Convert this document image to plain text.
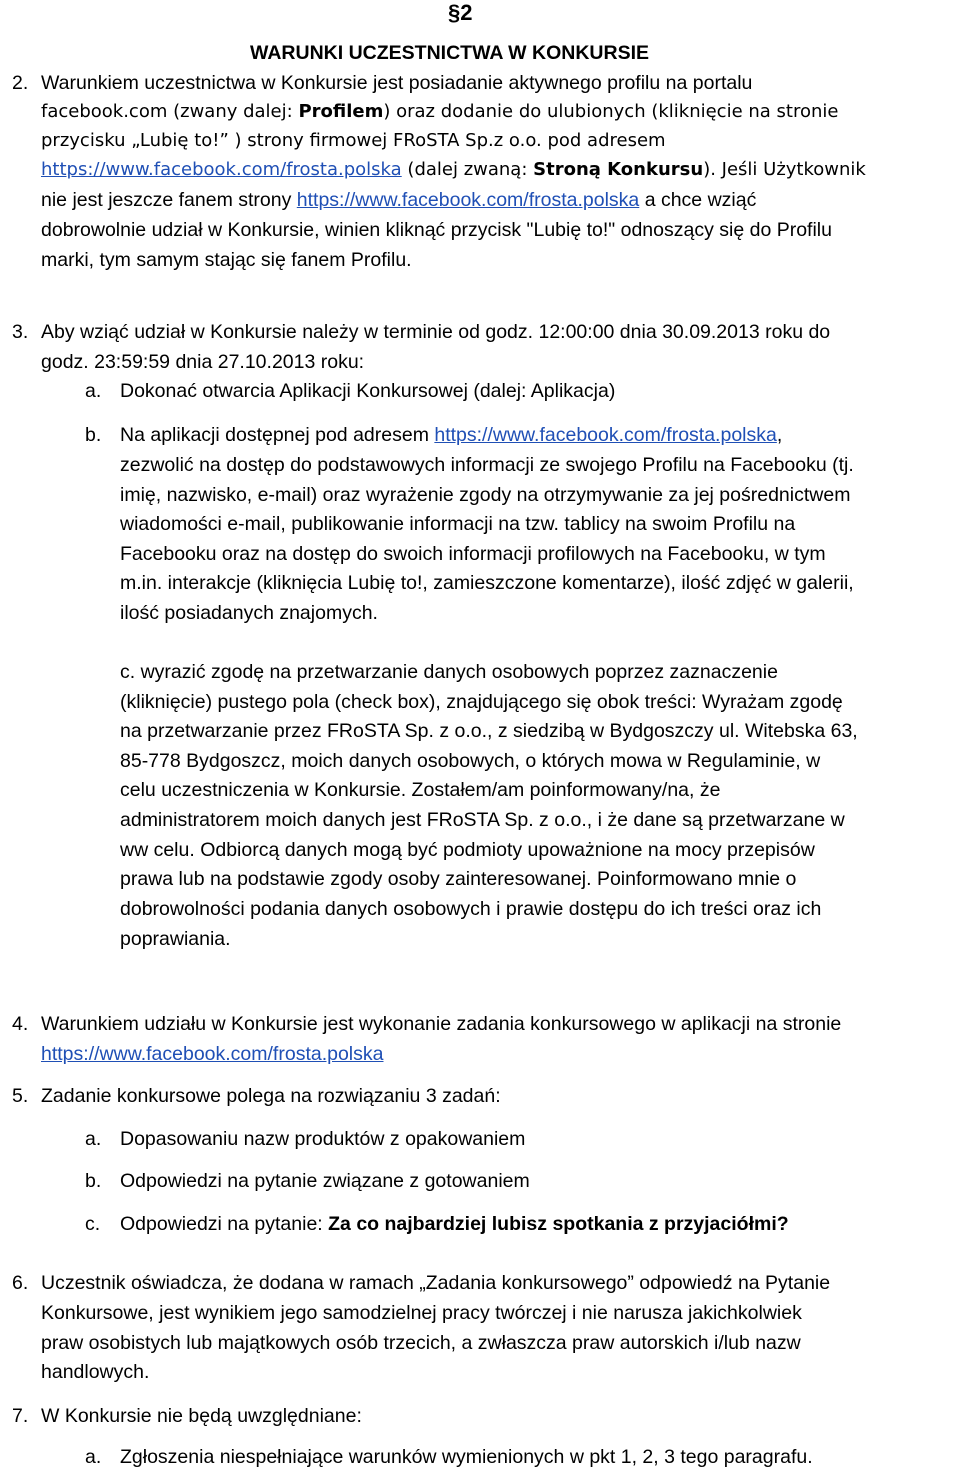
§2
WARUNKI UCZESTNICTWA W KONKURSIE
2. Warunkiem uczestnictwa w Konkursie jest posiadanie aktywnego profilu na portalu
facebook.com (zwany dalej: Profilem) oraz dodanie do ulubionych (kliknięcie na stronie
przycisku „Lubię to!” ) strony firmowej FRoSTA Sp.z o.o. pod adresem
https://www.facebook.com/frosta.polska (dalej zwaną: Stroną Konkursu). Jeśli Użytkownik
nie jest jeszcze fanem strony https://www.facebook.com/frosta.polska a chce wziąć
dobrowolnie udział w Konkursie, winien kliknąć przycisk "Lubię to!" odnoszący się do Profilu
marki, tym samym stając się fanem Profilu.
3. Aby wziąć udział w Konkursie należy w terminie od godz. 12:00:00 dnia 30.09.2013 roku do
godz. 23:59:59 dnia 27.10.2013 roku:
a. Dokonać otwarcia Aplikacji Konkursowej (dalej: Aplikacja)
b. Na aplikacji dostępnej pod adresem https://www.facebook.com/frosta.polska,
zezwolić na dostęp do podstawowych informacji ze swojego Profilu na Facebooku (tj.
imię, nazwisko, e-mail) oraz wyrażenie zgody na otrzymywanie za jej pośrednictwem
wiadomości e-mail, publikowanie informacji na tzw. tablicy na swoim Profilu na
Facebooku oraz na dostęp do swoich informacji profilowych na Facebooku, w tym
m.in. interakcje (kliknięcia Lubię to!, zamieszczone komentarze), ilość zdjęć w galerii,
ilość posiadanych znajomych.
c. wyrazić zgodę na przetwarzanie danych osobowych poprzez zaznaczenie
(kliknięcie) pustego pola (check box), znajdującego się obok treści: Wyrażam zgodę
na przetwarzanie przez FRoSTA Sp. z o.o., z siedzibą w Bydgoszczy ul. Witebska 63,
85-778 Bydgoszcz, moich danych osobowych, o których mowa w Regulaminie, w
celu uczestniczenia w Konkursie. Zostałem/am poinformowany/na, że
administratorem moich danych jest FRoSTA Sp. z o.o., i że dane są przetwarzane w
ww celu. Odbiorcą danych mogą być podmioty upoważnione na mocy przepisów
prawa lub na podstawie zgody osoby zainteresowanej. Poinformowano mnie o
dobrowolności podania danych osobowych i prawie dostępu do ich treści oraz ich
poprawiania.
4. Warunkiem udziału w Konkursie jest wykonanie zadania konkursowego w aplikacji na stronie
https://www.facebook.com/frosta.polska
5. Zadanie konkursowe polega na rozwiązaniu 3 zadań:
a. Dopasowaniu nazw produktów z opakowaniem
b. Odpowiedzi na pytanie związane z gotowaniem
c. Odpowiedzi na pytanie: Za co najbardziej lubisz spotkania z przyjaciółmi?
6. Uczestnik oświadcza, że dodana w ramach „Zadania konkursowego” odpowiedź na Pytanie
Konkursowe, jest wynikiem jego samodzielnej pracy twórczej i nie narusza jakichkolwiek
praw osobistych lub majątkowych osób trzecich, a zwłaszcza praw autorskich i/lub nazw
handlowych.
7. W Konkursie nie będą uwzględniane:
a. Zgłoszenia niespełniające warunków wymienionych w pkt 1, 2, 3 tego paragrafu.
